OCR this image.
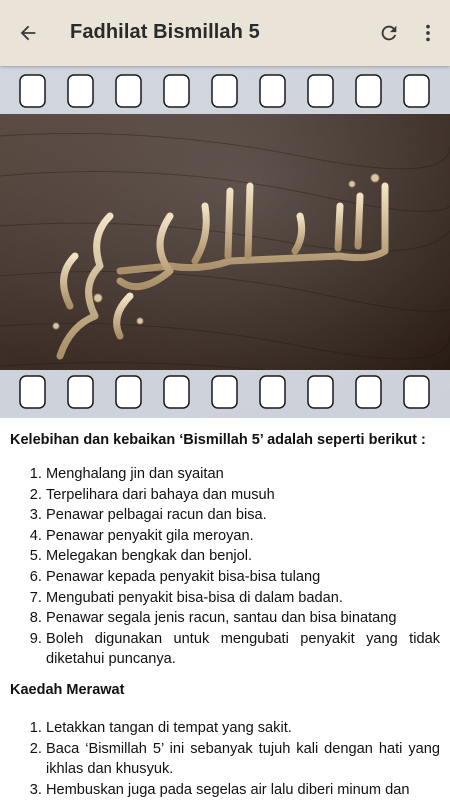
Fadhilat Bismillah 5
Kelebihan dan kebaikan ‘Bismillah 5’ adalah seperti berikut :
1. Menghalang jin dan syaitan
2. Terpelihara dari bahaya dan musuh
3. Penawar pelbagai racun dan bisa.
4. Penawar penyakit gila meroyan.
5. Melegakan bengkak dan benjol.
6. Penawar kepada penyakit bisa-bisa tulang
7. Mengubati penyakit bisa-bisa di dalam badan.
8. Penawar segala jenis racun, santau dan bisa binatang
9. Boleh digunakan untuk mengubati penyakit yang tidak diketahui puncanya.
Kaedah Merawat
1. Letakkan tangan di tempat yang sakit.
2. Baca ‘Bismillah 5’ ini sebanyak tujuh kali dengan hati yang ikhlas dan khusyuk.
3. Hembuskan juga pada segelas air lalu diberi minum dan
